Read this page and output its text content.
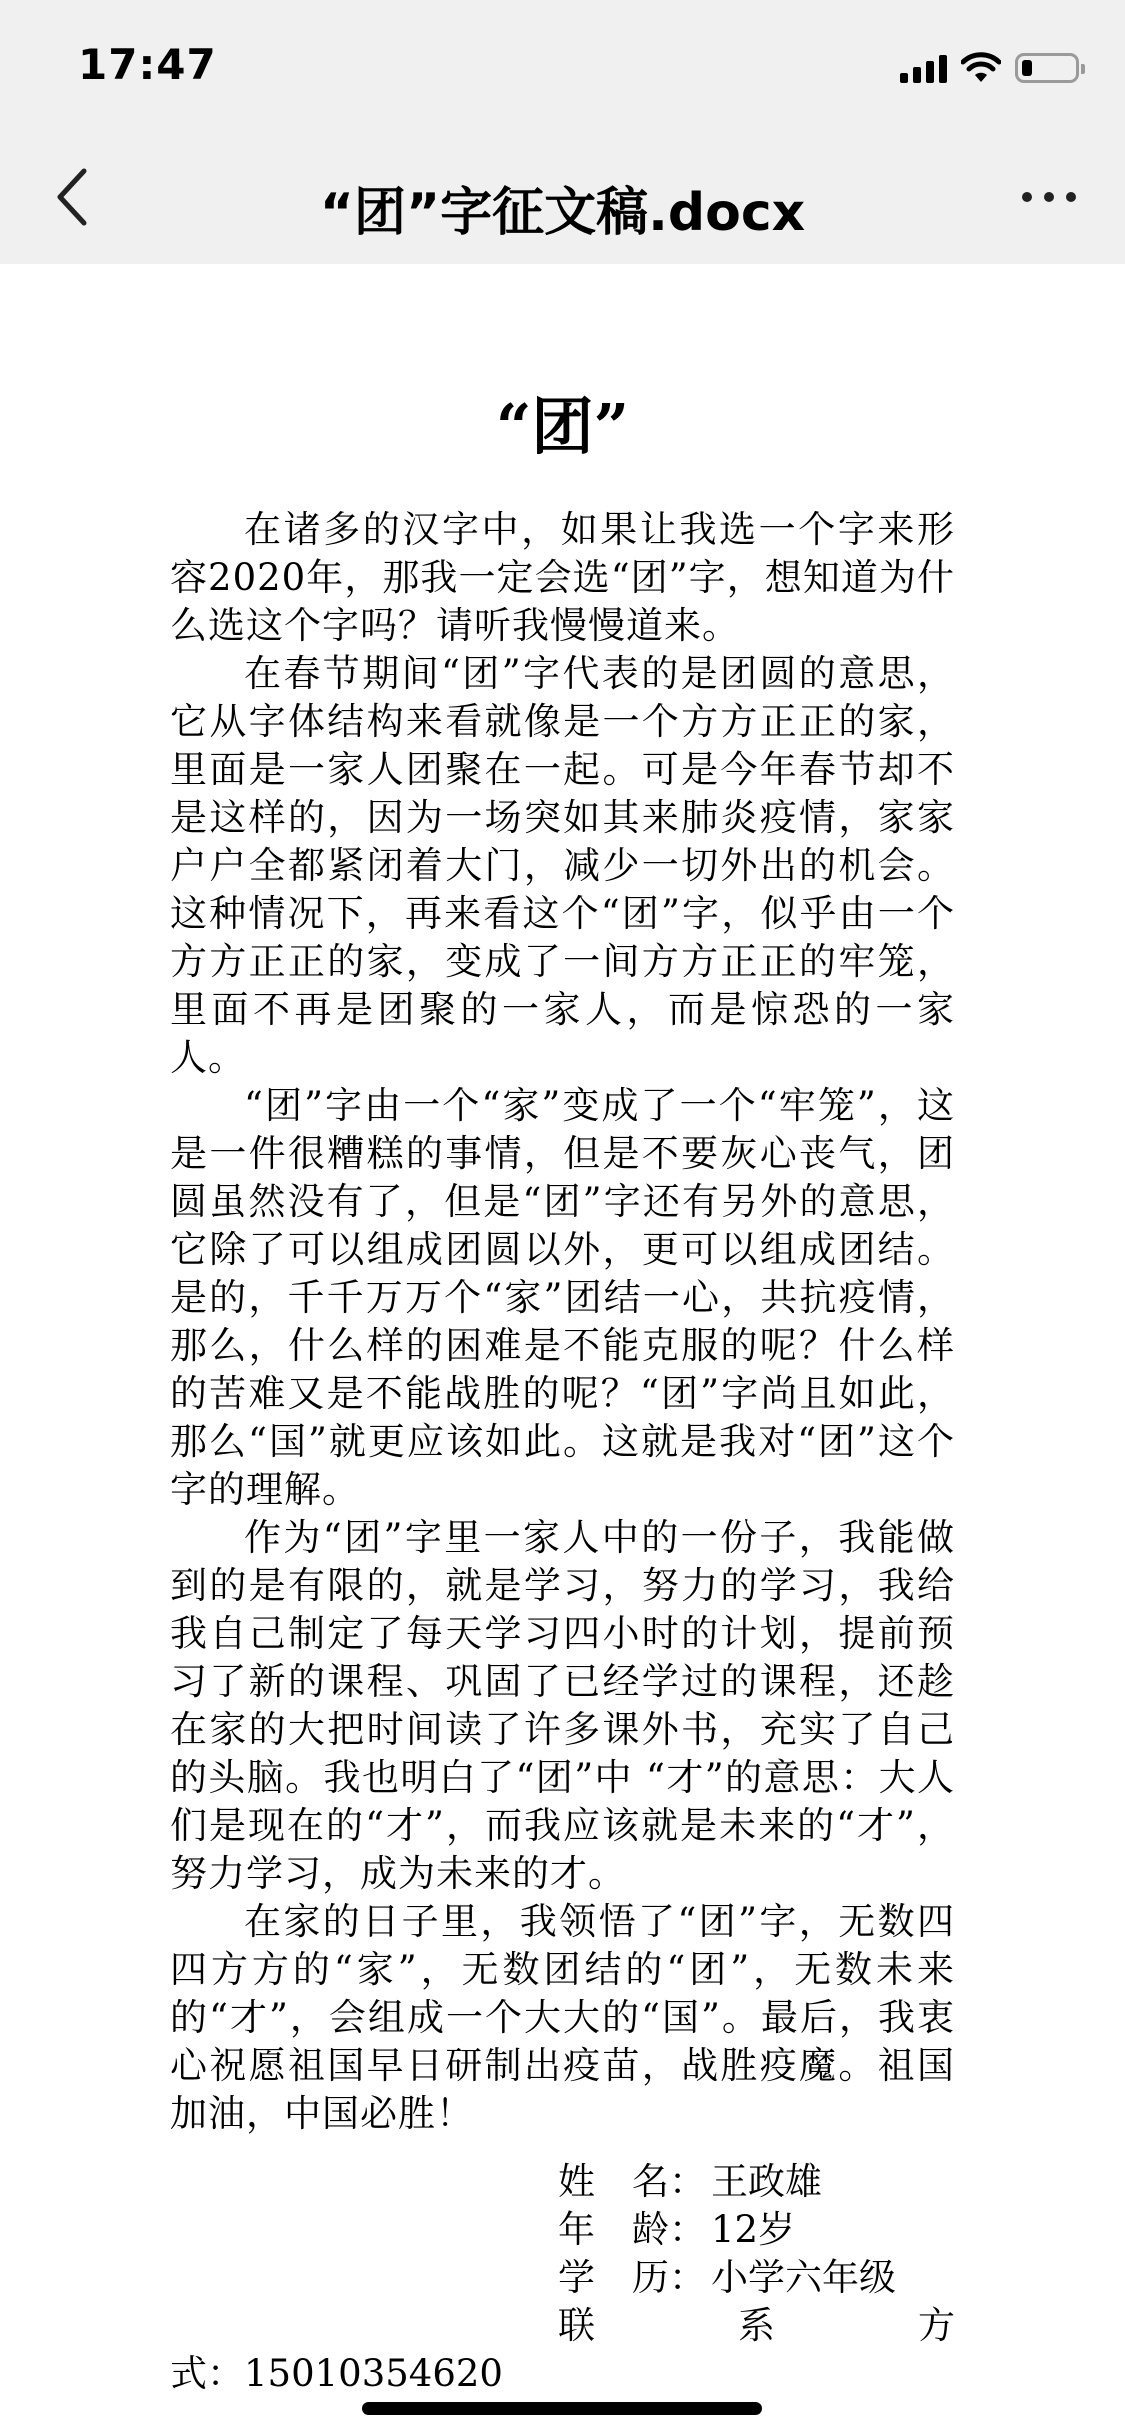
17:47
“团”字征文稿.docx
“团”

在诸多的汉字中，如果让我选一个字来形容2020年，那我一定会选“团”字，想知道为什么选这个字吗？请听我慢慢道来。

在春节期间“团”字代表的是团圆的意思，它从字体结构来看就像是一个方方正正的家，里面是一家人团聚在一起。可是今年春节却不是这样的，因为一场突如其来肺炎疫情，家家户户全都紧闭着大门，减少一切外出的机会。这种情况下，再来看这个“团”字，似乎由一个方方正正的家，变成了一间方方正正的牢笼，里面不再是团聚的一家人，而是惊恐的一家人。

“团”字由一个“家”变成了一个“牢笼”，这是一件很糟糕的事情，但是不要灰心丧气，团圆虽然没有了，但是“团”字还有另外的意思，它除了可以组成团圆以外，更可以组成团结。是的，千千万万个“家”团结一心，共抗疫情，那么，什么样的困难是不能克服的呢？什么样的苦难又是不能战胜的呢？“团”字尚且如此，那么“国”就更应该如此。这就是我对“团”这个字的理解。

作为“团”字里一家人中的一份子，我能做到的是有限的，就是学习，努力的学习，我给我自己制定了每天学习四小时的计划，提前预习了新的课程、巩固了已经学过的课程，还趁在家的大把时间读了许多课外书，充实了自己的头脑。我也明白了“团”中 “才”的意思：大人们是现在的“才”，而我应该就是未来的“才”，努力学习，成为未来的才。

在家的日子里，我领悟了“团”字，无数四四方方的“家”，无数团结的“团”，无数未来的“才”，会组成一个大大的“国”。最后，我衷心祝愿祖国早日研制出疫苗，战胜疫魔。祖国加油，中国必胜！

姓　名： 王政雄
年　龄： 12岁
学　历： 小学六年级
联	系	方
式：15010354620
